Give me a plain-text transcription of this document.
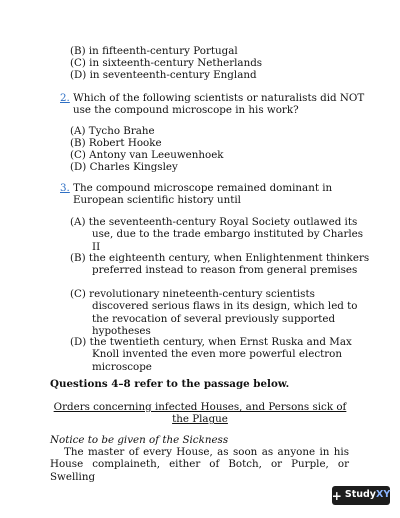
(B) in fifteenth-century Portugal
(C) in sixteenth-century Netherlands
(D) in seventeenth-century England
2. Which of the following scientists or naturalists did NOT use the compound microscope in his work?
(A) Tycho Brahe
(B) Robert Hooke
(C) Antony van Leeuwenhoek
(D) Charles Kingsley
3. The compound microscope remained dominant in European scientific history until
(A) the seventeenth-century Royal Society outlawed its use, due to the trade embargo instituted by Charles II
(B) the eighteenth century, when Enlightenment thinkers preferred instead to reason from general premises
(C) revolutionary nineteenth-century scientists discovered serious flaws in its design, which led to the revocation of several previously supported hypotheses
(D) the twentieth century, when Ernst Ruska and Max Knoll invented the even more powerful electron microscope
Questions 4–8 refer to the passage below.
Orders concerning infected Houses, and Persons sick of the Plague
Notice to be given of the Sickness
The master of every House, as soon as anyone in his House complaineth, either of Botch, or Purple, or Swelling
+ Study XY
